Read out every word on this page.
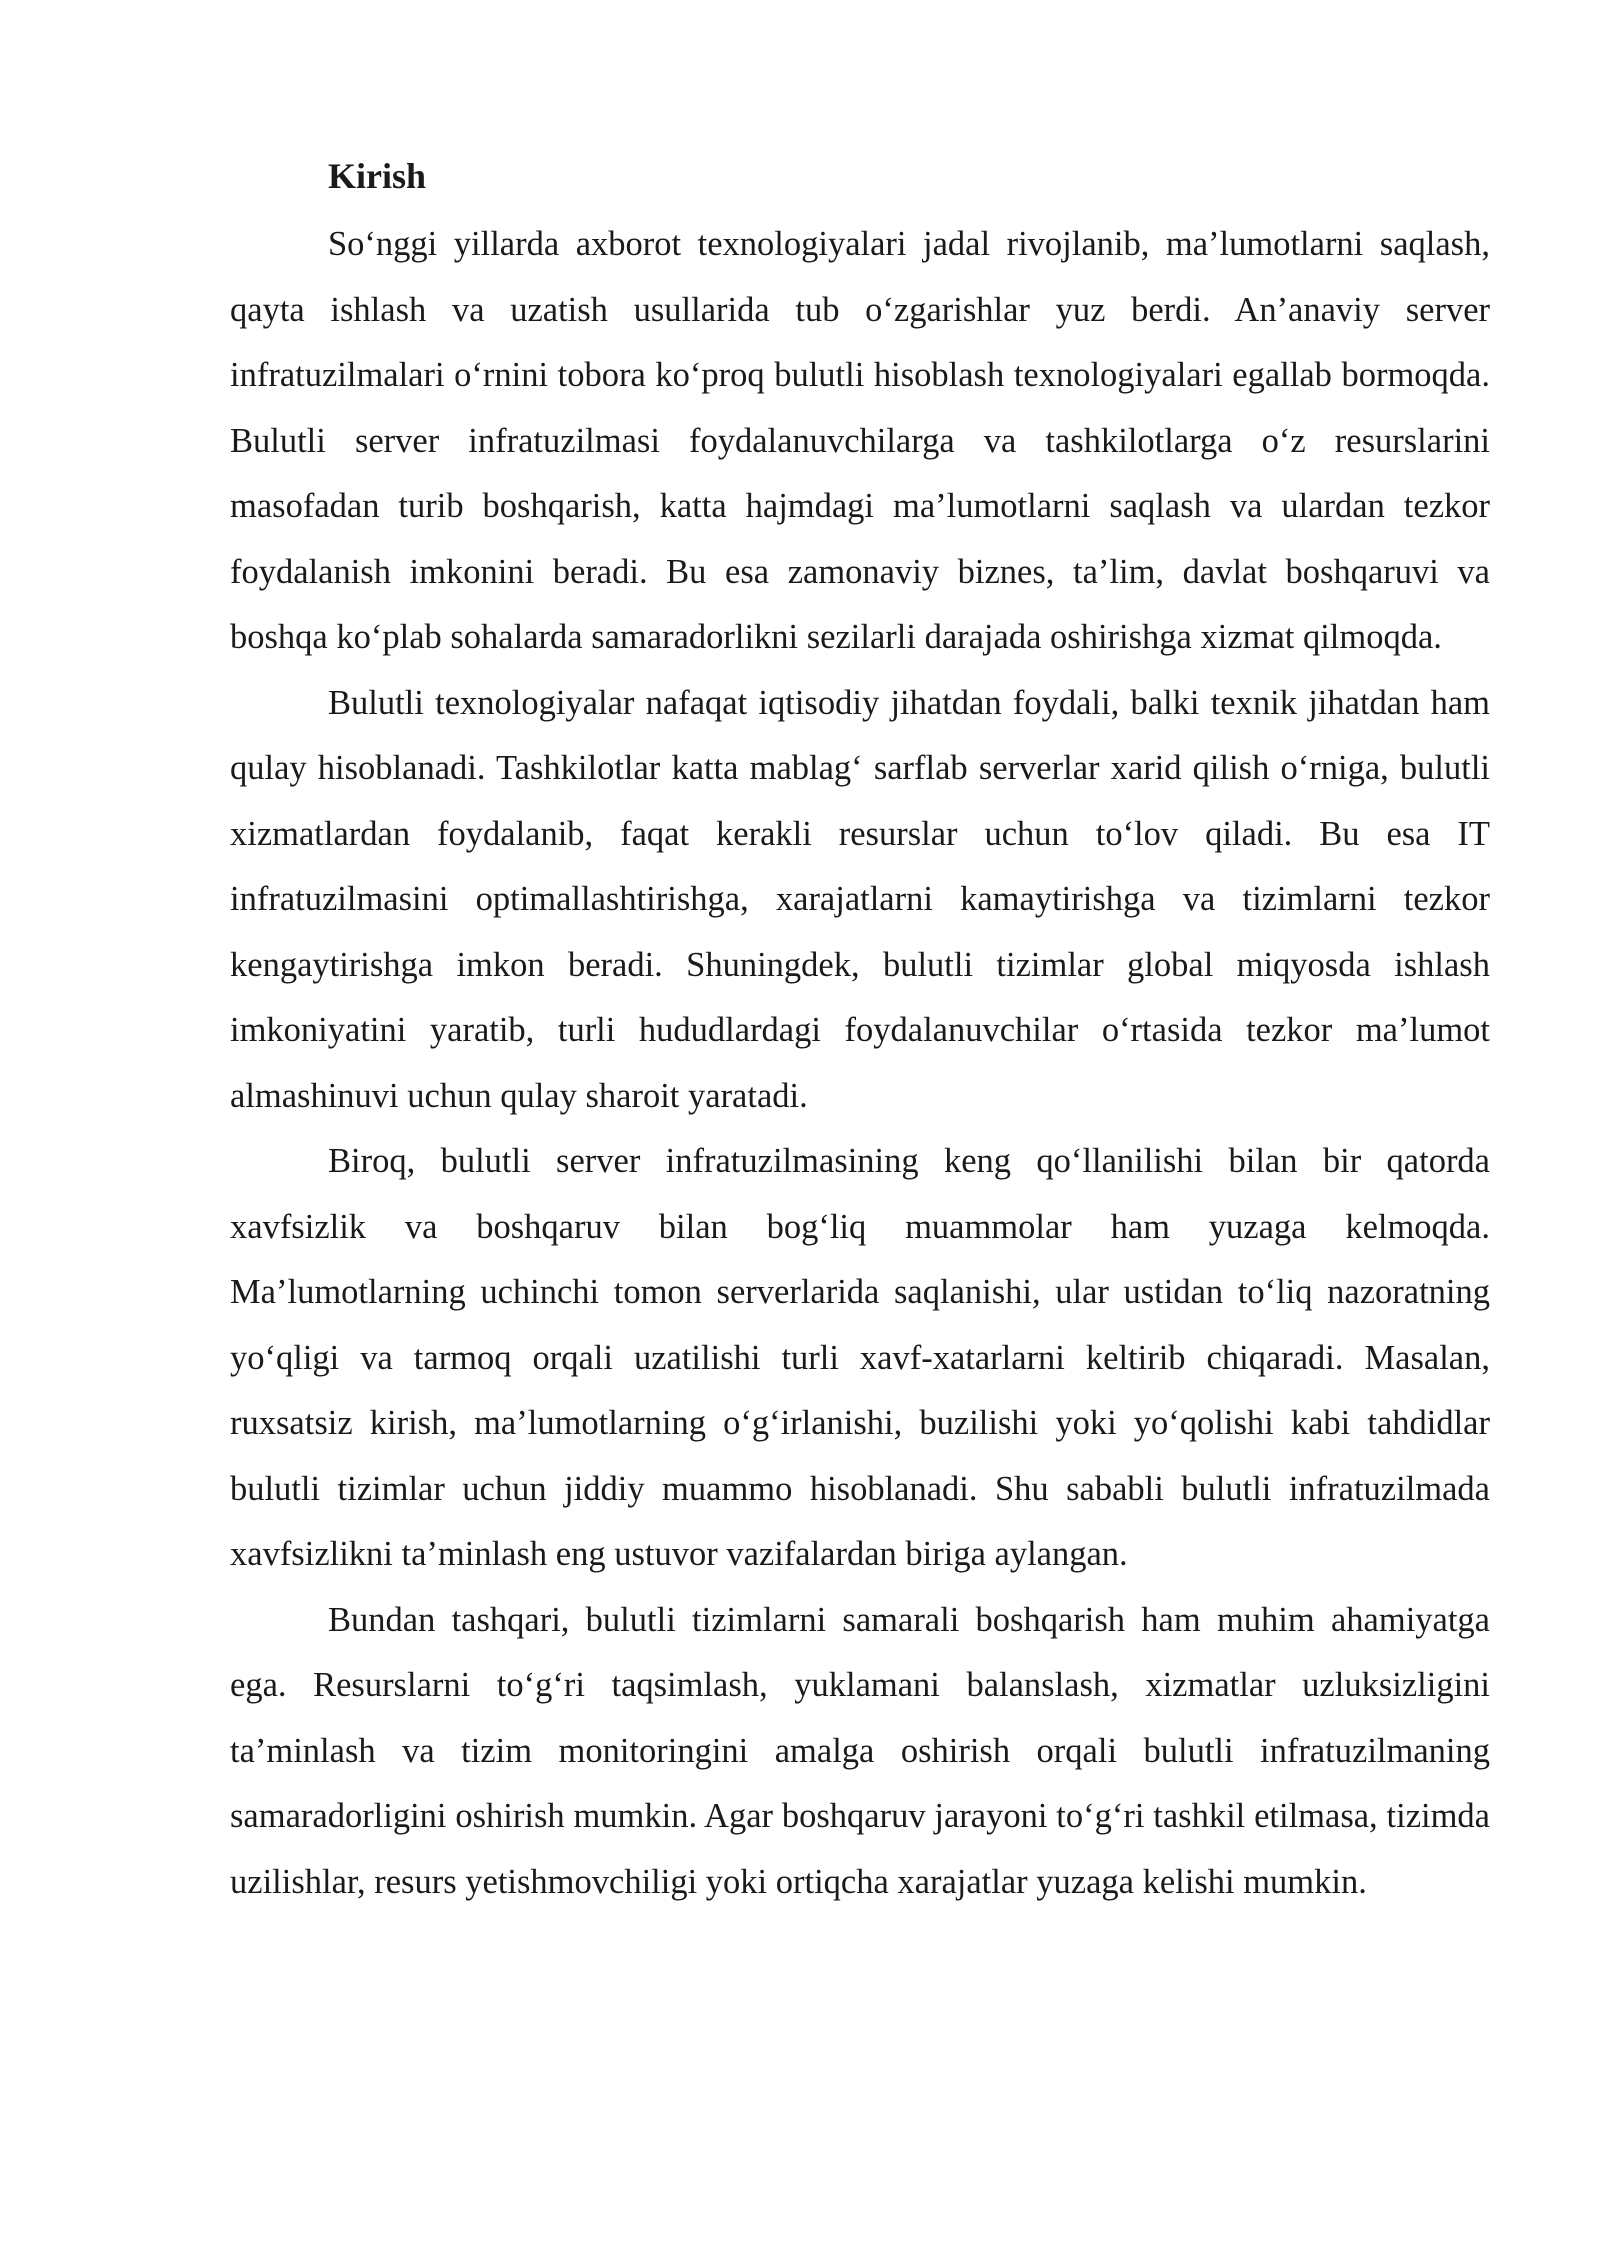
Kirish

So‘nggi yillarda axborot texnologiyalari jadal rivojlanib, ma’lumotlarni saqlash, qayta ishlash va uzatish usullarida tub o‘zgarishlar yuz berdi. An’anaviy server infratuzilmalari o‘rnini tobora ko‘proq bulutli hisoblash texnologiyalari egallab bormoqda. Bulutli server infratuzilmasi foydalanuvchilarga va tashkilotlarga o‘z resurslarini masofadan turib boshqarish, katta hajmdagi ma’lumotlarni saqlash va ulardan tezkor foydalanish imkonini beradi. Bu esa zamonaviy biznes, ta’lim, davlat boshqaruvi va boshqa ko‘plab sohalarda samaradorlikni sezilarli darajada oshirishga xizmat qilmoqda.

Bulutli texnologiyalar nafaqat iqtisodiy jihatdan foydali, balki texnik jihatdan ham qulay hisoblanadi. Tashkilotlar katta mablag‘ sarflab serverlar xarid qilish o‘rniga, bulutli xizmatlardan foydalanib, faqat kerakli resurslar uchun to‘lov qiladi. Bu esa IT infratuzilmasini optimallashtirishga, xarajatlarni kamaytirishga va tizimlarni tezkor kengaytirishga imkon beradi. Shuningdek, bulutli tizimlar global miqyosda ishlash imkoniyatini yaratib, turli hududlardagi foydalanuvchilar o‘rtasida tezkor ma’lumot almashinuvi uchun qulay sharoit yaratadi.

Biroq, bulutli server infratuzilmasining keng qo‘llanilishi bilan bir qatorda xavfsizlik va boshqaruv bilan bog‘liq muammolar ham yuzaga kelmoqda. Ma’lumotlarning uchinchi tomon serverlarida saqlanishi, ular ustidan to‘liq nazoratning yo‘qligi va tarmoq orqali uzatilishi turli xavf-xatarlarni keltirib chiqaradi. Masalan, ruxsatsiz kirish, ma’lumotlarning o‘g‘irlanishi, buzilishi yoki yo‘qolishi kabi tahdidlar bulutli tizimlar uchun jiddiy muammo hisoblanadi. Shu sababli bulutli infratuzilmada xavfsizlikni ta’minlash eng ustuvor vazifalardan biriga aylangan.

Bundan tashqari, bulutli tizimlarni samarali boshqarish ham muhim ahamiyatga ega. Resurslarni to‘g‘ri taqsimlash, yuklamani balanslash, xizmatlar uzluksizligini ta’minlash va tizim monitoringini amalga oshirish orqali bulutli infratuzilmaning samaradorligini oshirish mumkin. Agar boshqaruv jarayoni to‘g‘ri tashkil etilmasa, tizimda uzilishlar, resurs yetishmovchiligi yoki ortiqcha xarajatlar yuzaga kelishi mumkin.
